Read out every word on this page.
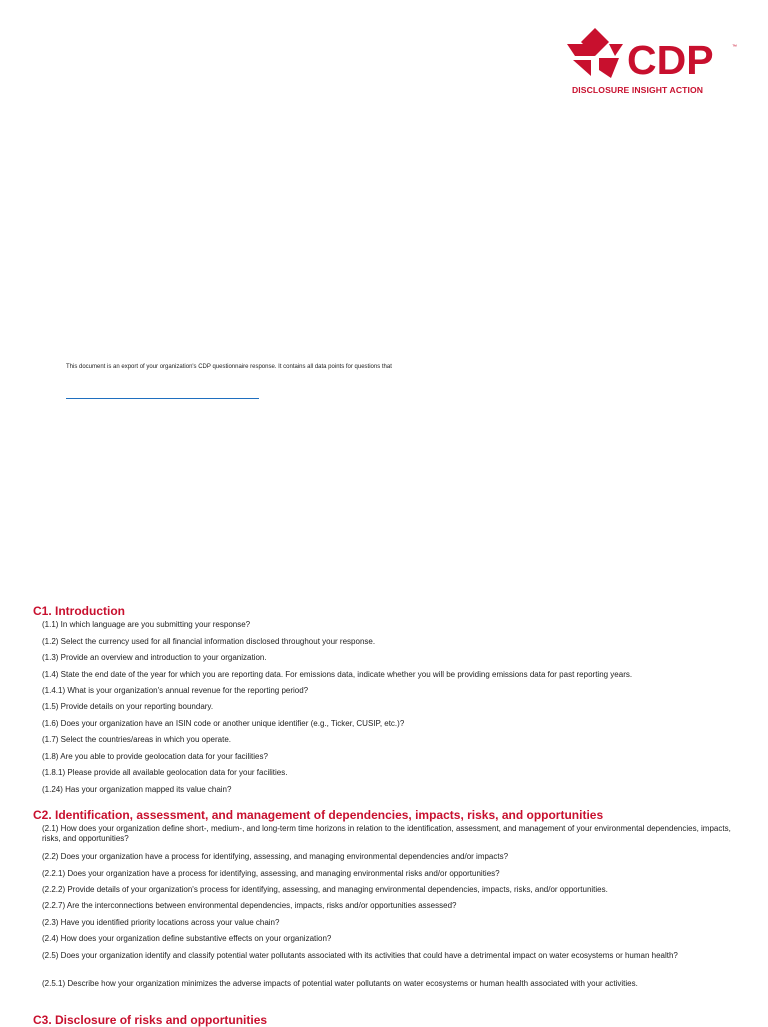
CDP	™
DISCLOSURE INSIGHT ACTION
This document is an export of your organization's CDP questionnaire response. It contains all data points for questions that
C1. Introduction
(1.1) In which language are you submitting your response?
(1.2) Select the currency used for all financial information disclosed throughout your response.
(1.3) Provide an overview and introduction to your organization.
(1.4) State the end date of the year for which you are reporting data. For emissions data, indicate whether you will be providing emissions data for past reporting years.
(1.4.1) What is your organization's annual revenue for the reporting period?
(1.5) Provide details on your reporting boundary.
(1.6) Does your organization have an ISIN code or another unique identifier (e.g., Ticker, CUSIP, etc.)?
(1.7) Select the countries/areas in which you operate.
(1.8) Are you able to provide geolocation data for your facilities?
(1.8.1) Please provide all available geolocation data for your facilities.
(1.24) Has your organization mapped its value chain?
C2. Identification, assessment, and management of dependencies, impacts, risks, and opportunities
(2.1) How does your organization define short-, medium-, and long-term time horizons in relation to the identification, assessment, and management of your environmental dependencies, impacts, risks, and opportunities?
(2.2) Does your organization have a process for identifying, assessing, and managing environmental dependencies and/or impacts?
(2.2.1) Does your organization have a process for identifying, assessing, and managing environmental risks and/or opportunities?
(2.2.2) Provide details of your organization's process for identifying, assessing, and managing environmental dependencies, impacts, risks, and/or opportunities.
(2.2.7) Are the interconnections between environmental dependencies, impacts, risks and/or opportunities assessed?
(2.3) Have you identified priority locations across your value chain?
(2.4) How does your organization define substantive effects on your organization?
(2.5) Does your organization identify and classify potential water pollutants associated with its activities that could have a detrimental impact on water ecosystems or human health?
(2.5.1) Describe how your organization minimizes the adverse impacts of potential water pollutants on water ecosystems or human health associated with your activities.
C3. Disclosure of risks and opportunities
